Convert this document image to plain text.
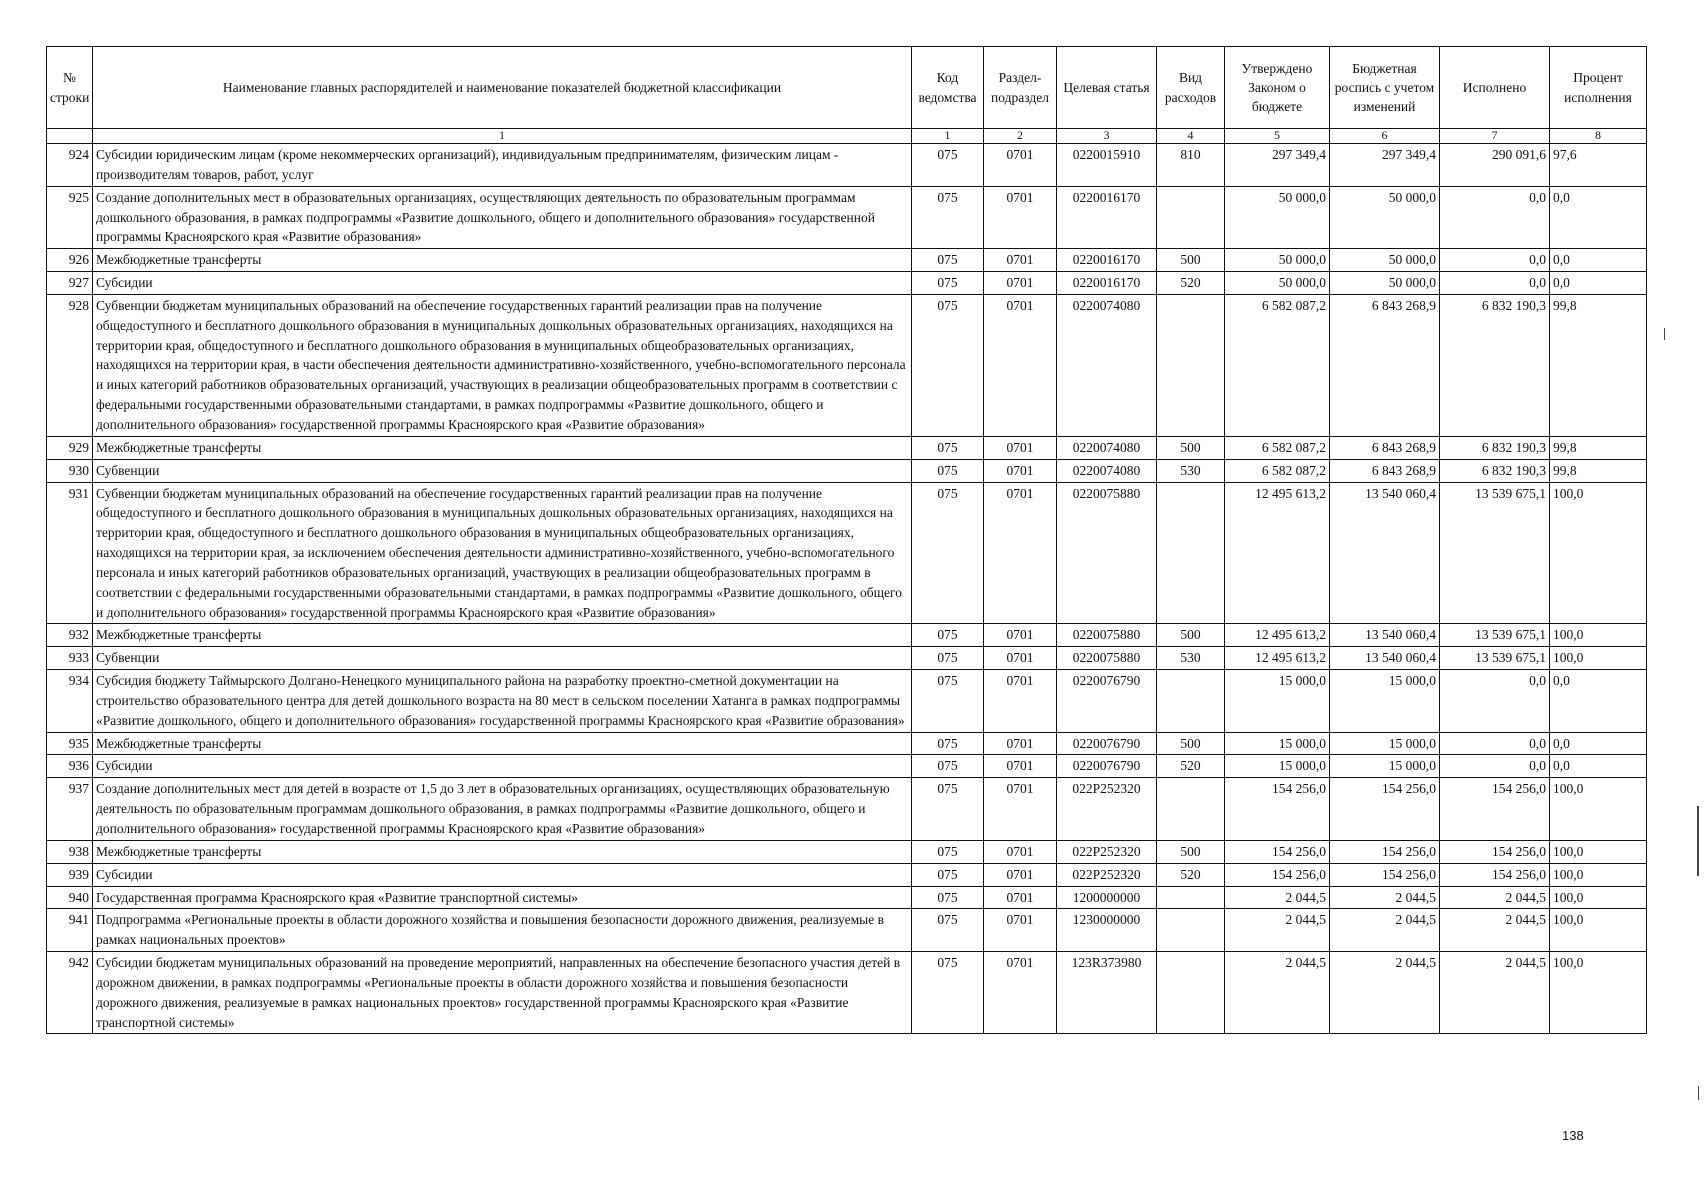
№ строки	Наименование главных распорядителей и наименование показателей бюджетной классификации	Код ведомства	Раздел-подраздел	Целевая статья	Вид расходов	Утверждено Законом о бюджете	Бюджетная роспись с учетом изменений	Исполнено	Процент исполнения
	1	1	2	3	4	5	6	7	8
924	Субсидии юридическим лицам (кроме некоммерческих организаций), индивидуальным предпринимателям, физическим лицам - производителям товаров, работ, услуг	075	0701	0220015910	810	297 349,4	297 349,4	290 091,6	97,6
925	Создание дополнительных мест в образовательных организациях, осуществляющих деятельность по образовательным программам дошкольного образования, в рамках подпрограммы «Развитие дошкольного, общего и дополнительного образования» государственной программы Красноярского края «Развитие образования»	075	0701	0220016170		50 000,0	50 000,0	0,0	0,0
926	Межбюджетные трансферты	075	0701	0220016170	500	50 000,0	50 000,0	0,0	0,0
927	Субсидии	075	0701	0220016170	520	50 000,0	50 000,0	0,0	0,0
928	Субвенции бюджетам муниципальных образований на обеспечение государственных гарантий реализации прав на получение общедоступного и бесплатного дошкольного образования в муниципальных дошкольных образовательных организациях, находящихся на территории края, общедоступного и бесплатного дошкольного образования в муниципальных общеобразовательных организациях, находящихся на территории края, в части обеспечения деятельности административно-хозяйственного, учебно-вспомогательного персонала и иных категорий работников образовательных организаций, участвующих в реализации общеобразовательных программ в соответствии с федеральными государственными образовательными стандартами, в рамках подпрограммы «Развитие дошкольного, общего и дополнительного образования» государственной программы Красноярского края «Развитие образования»	075	0701	0220074080		6 582 087,2	6 843 268,9	6 832 190,3	99,8
929	Межбюджетные трансферты	075	0701	0220074080	500	6 582 087,2	6 843 268,9	6 832 190,3	99,8
930	Субвенции	075	0701	0220074080	530	6 582 087,2	6 843 268,9	6 832 190,3	99,8
931	Субвенции бюджетам муниципальных образований на обеспечение государственных гарантий реализации прав на получение общедоступного и бесплатного дошкольного образования в муниципальных дошкольных образовательных организациях, находящихся на территории края, общедоступного и бесплатного дошкольного образования в муниципальных общеобразовательных организациях, находящихся на территории края, за исключением обеспечения деятельности административно-хозяйственного, учебно-вспомогательного персонала и иных категорий работников образовательных организаций, участвующих в реализации общеобразовательных программ в соответствии с федеральными государственными образовательными стандартами, в рамках подпрограммы «Развитие дошкольного, общего и дополнительного образования» государственной программы Красноярского края «Развитие образования»	075	0701	0220075880		12 495 613,2	13 540 060,4	13 539 675,1	100,0
932	Межбюджетные трансферты	075	0701	0220075880	500	12 495 613,2	13 540 060,4	13 539 675,1	100,0
933	Субвенции	075	0701	0220075880	530	12 495 613,2	13 540 060,4	13 539 675,1	100,0
934	Субсидия бюджету Таймырского Долгано-Ненецкого муниципального района на разработку проектно-сметной документации на строительство образовательного центра для детей дошкольного возраста на 80 мест в сельском поселении Хатанга в рамках подпрограммы «Развитие дошкольного, общего и дополнительного образования» государственной программы Красноярского края «Развитие образования»	075	0701	0220076790		15 000,0	15 000,0	0,0	0,0
935	Межбюджетные трансферты	075	0701	0220076790	500	15 000,0	15 000,0	0,0	0,0
936	Субсидии	075	0701	0220076790	520	15 000,0	15 000,0	0,0	0,0
937	Создание дополнительных мест для детей в возрасте от 1,5 до 3 лет в образовательных организациях, осуществляющих образовательную деятельность по образовательным программам дошкольного образования, в рамках подпрограммы «Развитие дошкольного, общего и дополнительного образования» государственной программы Красноярского края «Развитие образования»	075	0701	022P252320		154 256,0	154 256,0	154 256,0	100,0
938	Межбюджетные трансферты	075	0701	022P252320	500	154 256,0	154 256,0	154 256,0	100,0
939	Субсидии	075	0701	022P252320	520	154 256,0	154 256,0	154 256,0	100,0
940	Государственная программа Красноярского края «Развитие транспортной системы»	075	0701	1200000000		2 044,5	2 044,5	2 044,5	100,0
941	Подпрограмма «Региональные проекты в области дорожного хозяйства и повышения безопасности дорожного движения, реализуемые в рамках национальных проектов»	075	0701	1230000000		2 044,5	2 044,5	2 044,5	100,0
942	Субсидии бюджетам муниципальных образований на проведение мероприятий, направленных на обеспечение безопасного участия детей в дорожном движении, в рамках подпрограммы «Региональные проекты в области дорожного хозяйства и повышения безопасности дорожного движения, реализуемые в рамках национальных проектов» государственной программы Красноярского края «Развитие транспортной системы»	075	0701	123R373980		2 044,5	2 044,5	2 044,5	100,0
138
